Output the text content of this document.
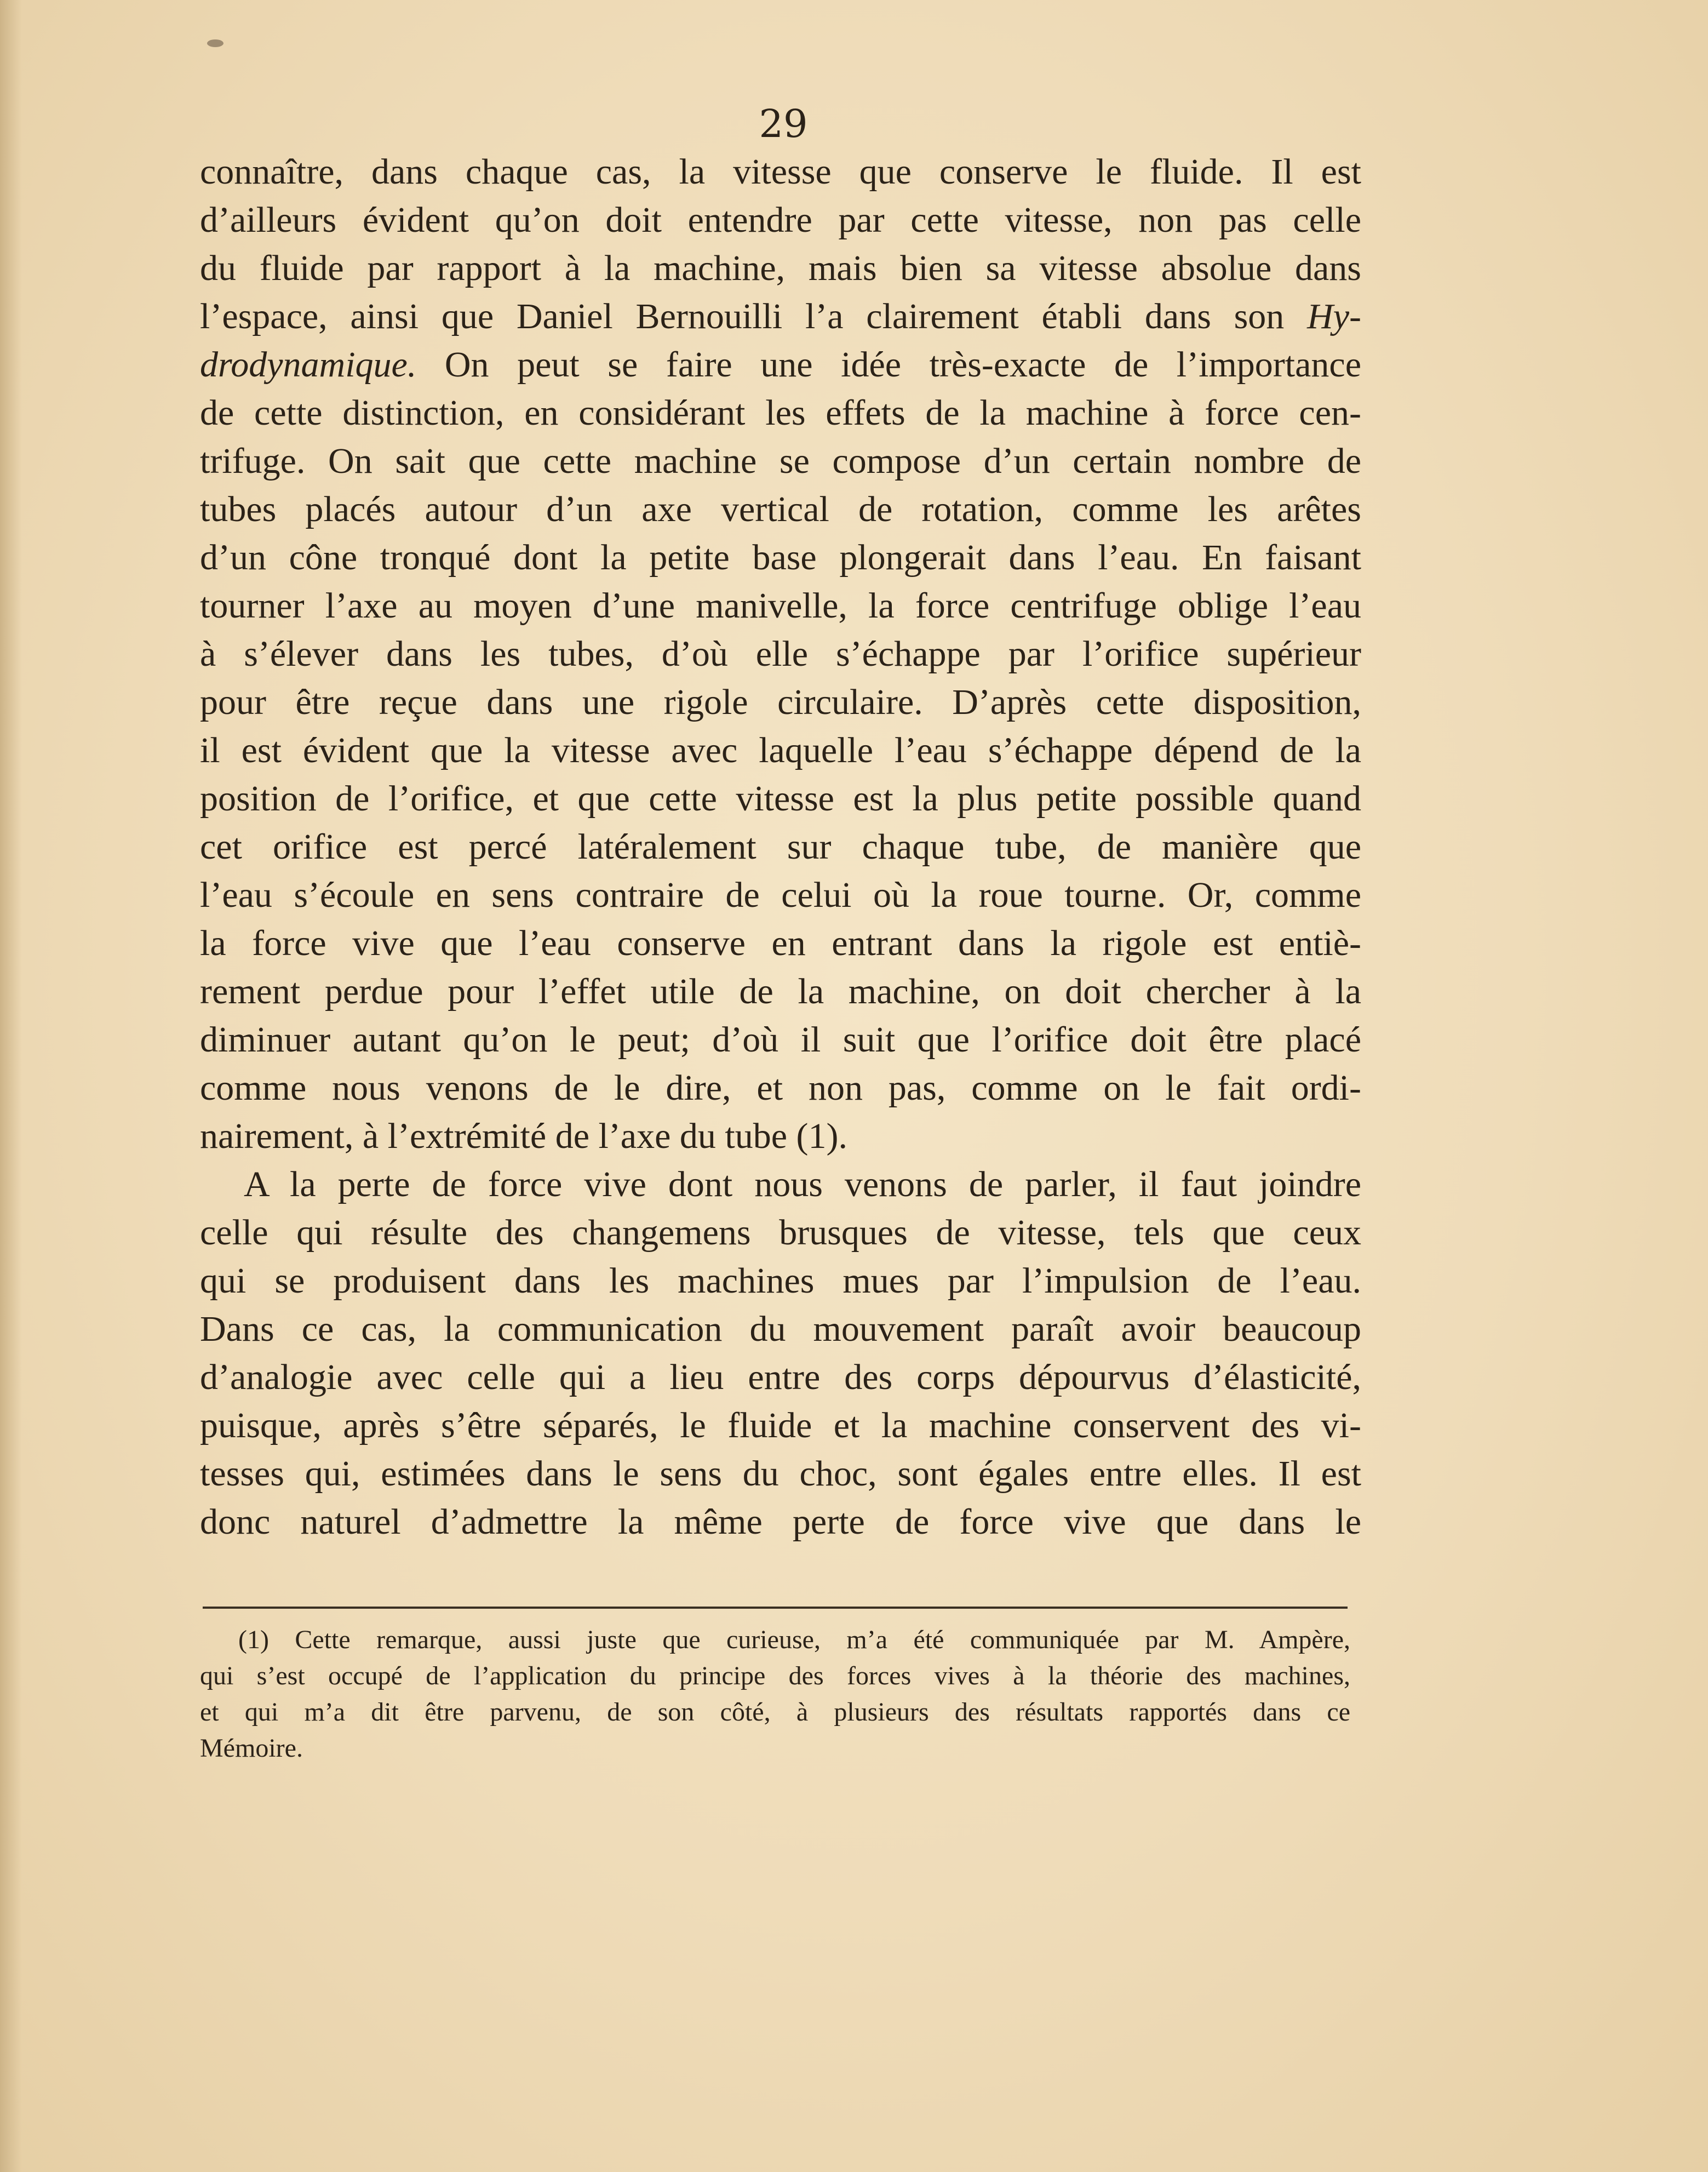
29
connaître, dans chaque cas, la vitesse que conserve le fluide. Il est
d’ailleurs évident qu’on doit entendre par cette vitesse, non pas celle
du fluide par rapport à la machine, mais bien sa vitesse absolue dans
l’espace, ainsi que Daniel Bernouilli l’a clairement établi dans son Hy-
drodynamique. On peut se faire une idée très-exacte de l’importance
de cette distinction, en considérant les effets de la machine à force cen-
trifuge. On sait que cette machine se compose d’un certain nombre de
tubes placés autour d’un axe vertical de rotation, comme les arêtes
d’un cône tronqué dont la petite base plongerait dans l’eau. En faisant
tourner l’axe au moyen d’une manivelle, la force centrifuge oblige l’eau
à s’élever dans les tubes, d’où elle s’échappe par l’orifice supérieur
pour être reçue dans une rigole circulaire. D’après cette disposition,
il est évident que la vitesse avec laquelle l’eau s’échappe dépend de la
position de l’orifice, et que cette vitesse est la plus petite possible quand
cet orifice est percé latéralement sur chaque tube, de manière que
l’eau s’écoule en sens contraire de celui où la roue tourne. Or, comme
la force vive que l’eau conserve en entrant dans la rigole est entiè-
rement perdue pour l’effet utile de la machine, on doit chercher à la
diminuer autant qu’on le peut; d’où il suit que l’orifice doit être placé
comme nous venons de le dire, et non pas, comme on le fait ordi-
nairement, à l’extrémité de l’axe du tube (1).
A la perte de force vive dont nous venons de parler, il faut joindre
celle qui résulte des changemens brusques de vitesse, tels que ceux
qui se produisent dans les machines mues par l’impulsion de l’eau.
Dans ce cas, la communication du mouvement paraît avoir beaucoup
d’analogie avec celle qui a lieu entre des corps dépourvus d’élasticité,
puisque, après s’être séparés, le fluide et la machine conservent des vi-
tesses qui, estimées dans le sens du choc, sont égales entre elles. Il est
donc naturel d’admettre la même perte de force vive que dans le
(1) Cette remarque, aussi juste que curieuse, m’a été communiquée par M. Ampère,
qui s’est occupé de l’application du principe des forces vives à la théorie des machines,
et qui m’a dit être parvenu, de son côté, à plusieurs des résultats rapportés dans ce
Mémoire.
